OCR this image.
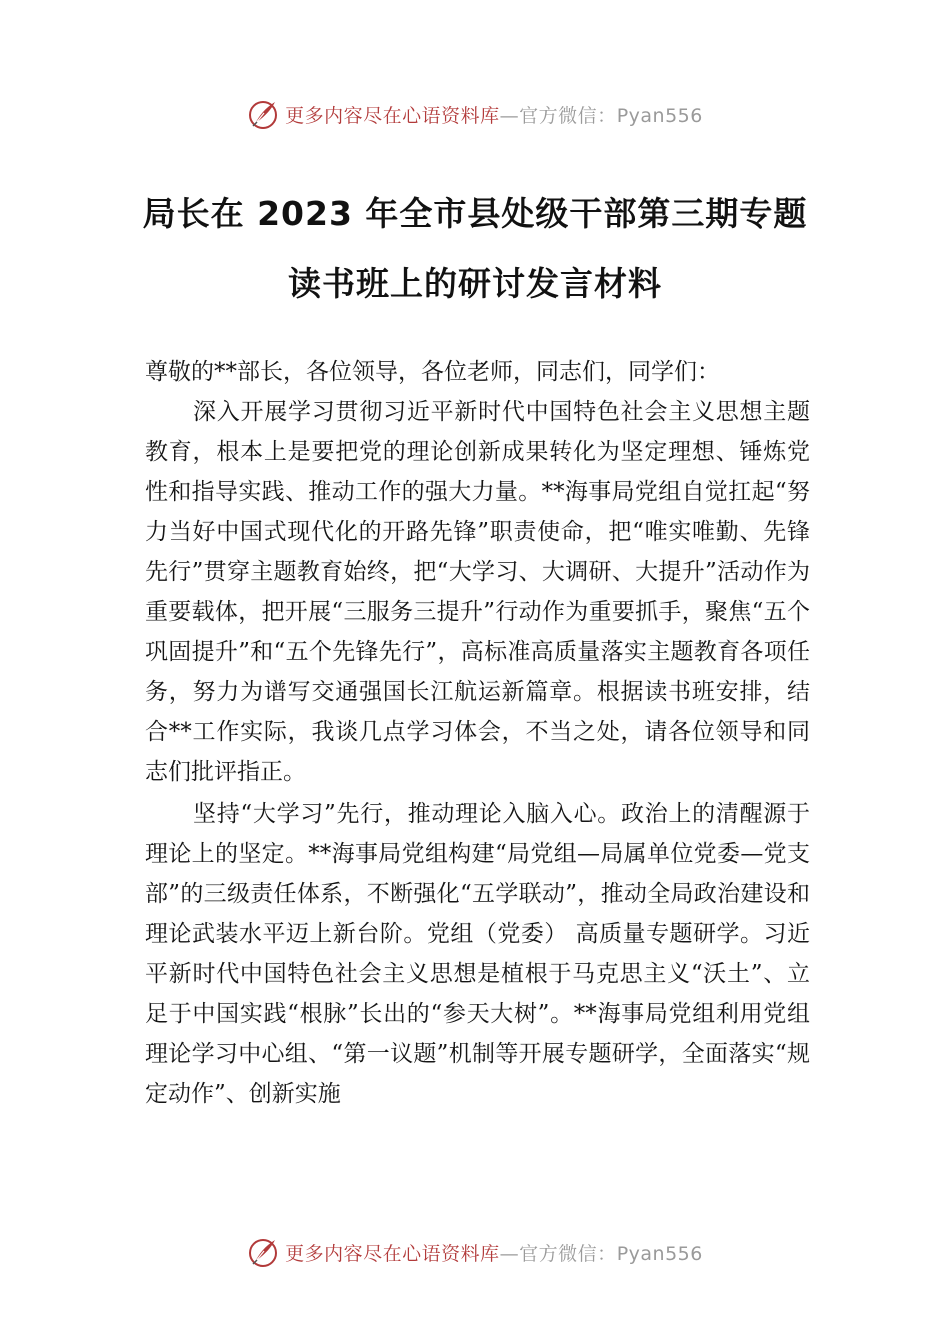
更多内容尽在心语资料库—官方微信：Pyan556
局长在 2023 年全市县处级干部第三期专题
读书班上的研讨发言材料

尊敬的**部长，各位领导，各位老师，同志们，同学们：

深入开展学习贯彻习近平新时代中国特色社会主义思想主题教育，根本上是要把党的理论创新成果转化为坚定理想、锤炼党性和指导实践、推动工作的强大力量。**海事局党组自觉扛起“努力当好中国式现代化的开路先锋”职责使命，把“唯实唯勤、先锋先行”贯穿主题教育始终，把“大学习、大调研、大提升”活动作为重要载体，把开展“三服务三提升”行动作为重要抓手，聚焦“五个巩固提升”和“五个先锋先行”，高标准高质量落实主题教育各项任务，努力为谱写交通强国长江航运新篇章。根据读书班安排，结合**工作实际，我谈几点学习体会，不当之处，请各位领导和同志们批评指正。

坚持“大学习”先行，推动理论入脑入心。政治上的清醒源于理论上的坚定。**海事局党组构建“局党组—局属单位党委—党支部”的三级责任体系，不断强化“五学联动”，推动全局政治建设和理论武装水平迈上新台阶。党组（党委） 高质量专题研学。习近平新时代中国特色社会主义思想是植根于马克思主义“沃土”、立足于中国实践“根脉”长出的“参天大树”。**海事局党组利用党组理论学习中心组、“第一议题”机制等开展专题研学，全面落实“规定动作”、创新实施

更多内容尽在心语资料库—官方微信：Pyan556
